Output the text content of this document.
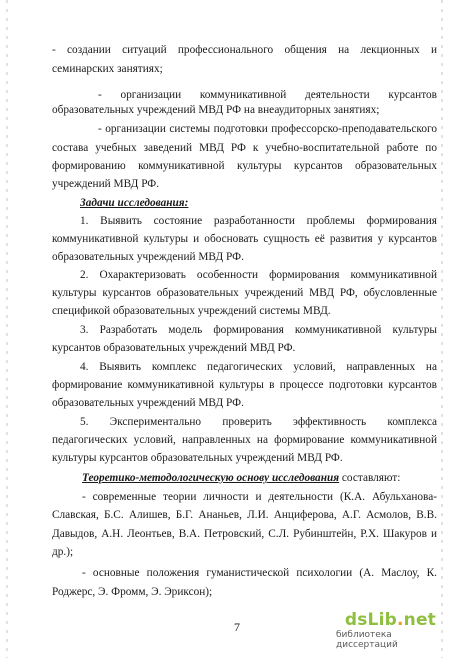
- создании ситуаций профессионального общения на лекционных и
семинарских занятиях;
- организации коммуникативной деятельности курсантов
образовательных учреждений МВД РФ на внеаудиторных занятиях;
- организации системы подготовки профессорско-преподавательского
состава учебных заведений МВД РФ к учебно-воспитательной работе по
формированию коммуникативной культуры курсантов образовательных
учреждений МВД РФ.
Задачи исследования:
1. Выявить состояние разработанности проблемы формирования
коммуникативной культуры и обосновать сущность её развития у курсантов
образовательных учреждений МВД РФ.
2. Охарактеризовать особенности формирования коммуникативной
культуры курсантов образовательных учреждений МВД РФ, обусловленные
спецификой образовательных учреждений системы МВД.
3. Разработать модель формирования коммуникативной культуры
курсантов образовательных учреждений МВД РФ.
4. Выявить комплекс педагогических условий, направленных на
формирование коммуникативной культуры в процессе подготовки курсантов
образовательных учреждений МВД РФ.
5. Экспериментально проверить эффективность комплекса
педагогических условий, направленных на формирование коммуникативной
культуры курсантов образовательных учреждений МВД РФ.
Теоретико-методологическую основу исследования составляют:
- современные теории личности и деятельности (К.А. Абульханова-
Славская, Б.С. Алишев, Б.Г. Ананьев, Л.И. Анциферова, А.Г. Асмолов, В.В.
Давыдов, А.Н. Леонтьев, В.А. Петровский, С.Л. Рубинштейн, Р.Х. Шакуров и
др.);
- основные положения гуманистической психологии (А. Маслоу, К.
Роджерс, Э. Фромм, Э. Эриксон);
7	dsLib.net
библиотека диссертаций
